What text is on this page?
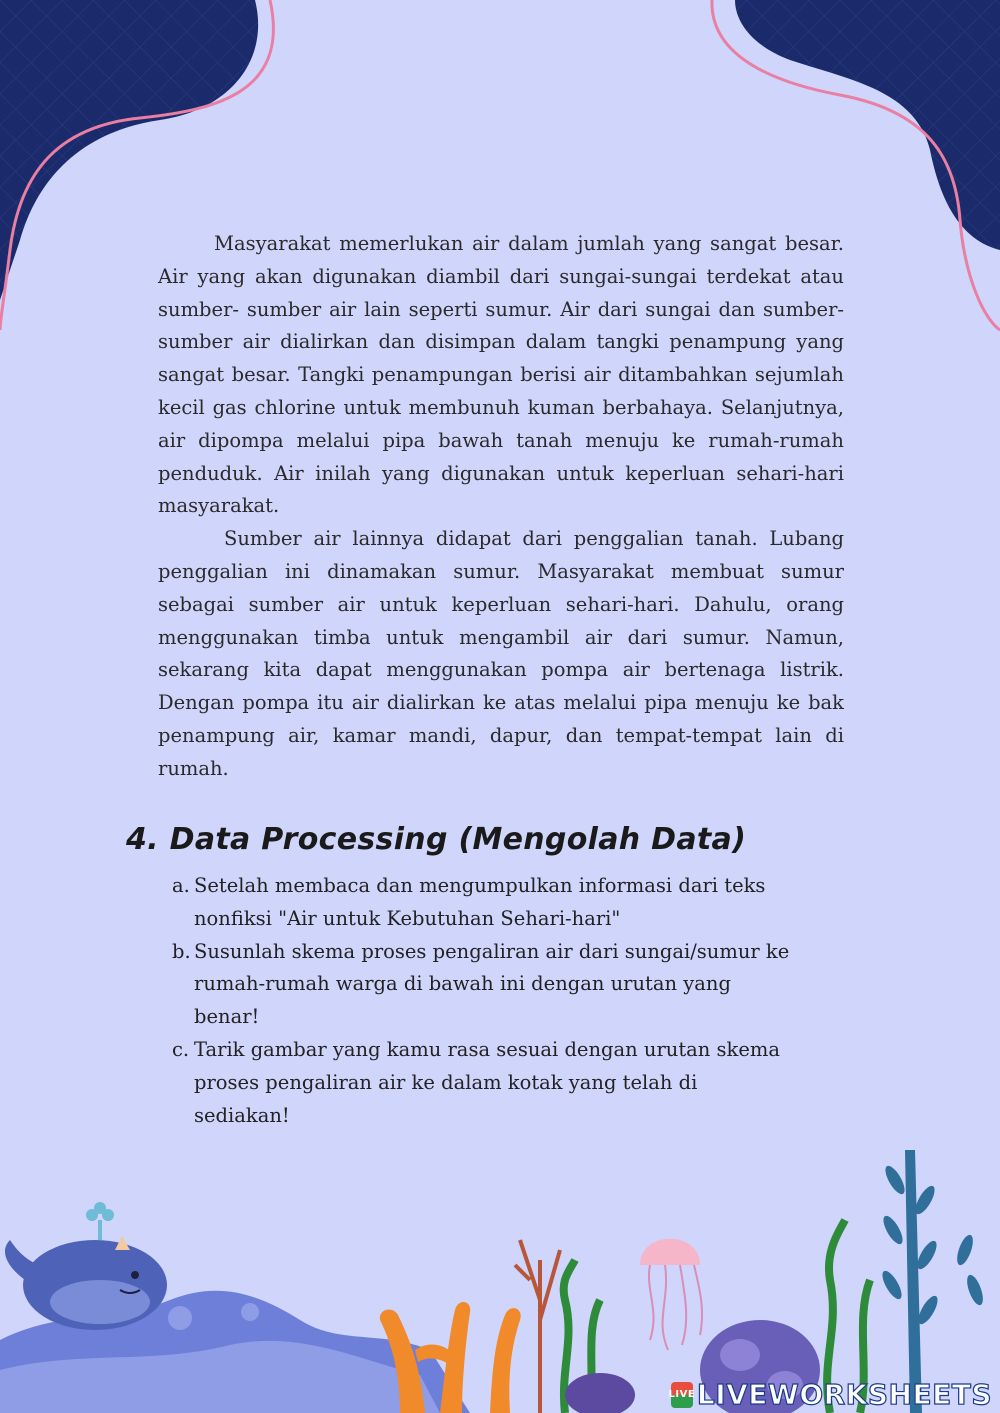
Masyarakat memerlukan air dalam jumlah yang sangat besar. Air yang akan digunakan diambil dari sungai-sungai terdekat atau sumber- sumber air lain seperti sumur. Air dari sungai dan sumber-sumber air dialirkan dan disimpan dalam tangki penampung yang sangat besar. Tangki penampungan berisi air ditambahkan sejumlah kecil gas chlorine untuk membunuh kuman berbahaya. Selanjutnya, air dipompa melalui pipa bawah tanah menuju ke rumah-rumah penduduk. Air inilah yang digunakan untuk keperluan sehari-hari masyarakat.

Sumber air lainnya didapat dari penggalian tanah. Lubang penggalian ini dinamakan sumur. Masyarakat membuat sumur sebagai sumber air untuk keperluan sehari-hari. Dahulu, orang menggunakan timba untuk mengambil air dari sumur. Namun, sekarang kita dapat menggunakan pompa air bertenaga listrik. Dengan pompa itu air dialirkan ke atas melalui pipa menuju ke bak penampung air, kamar mandi, dapur, dan tempat-tempat lain di rumah.

4. Data Processing (Mengolah Data)
a. Setelah membaca dan mengumpulkan informasi dari teks nonfiksi "Air untuk Kebutuhan Sehari-hari"
b. Susunlah skema proses pengaliran air dari sungai/sumur ke rumah-rumah warga di bawah ini dengan urutan yang benar!
c. Tarik gambar yang kamu rasa sesuai dengan urutan skema proses pengaliran air ke dalam kotak yang telah di sediakan!
LIVE LIVEWORKSHEETS
